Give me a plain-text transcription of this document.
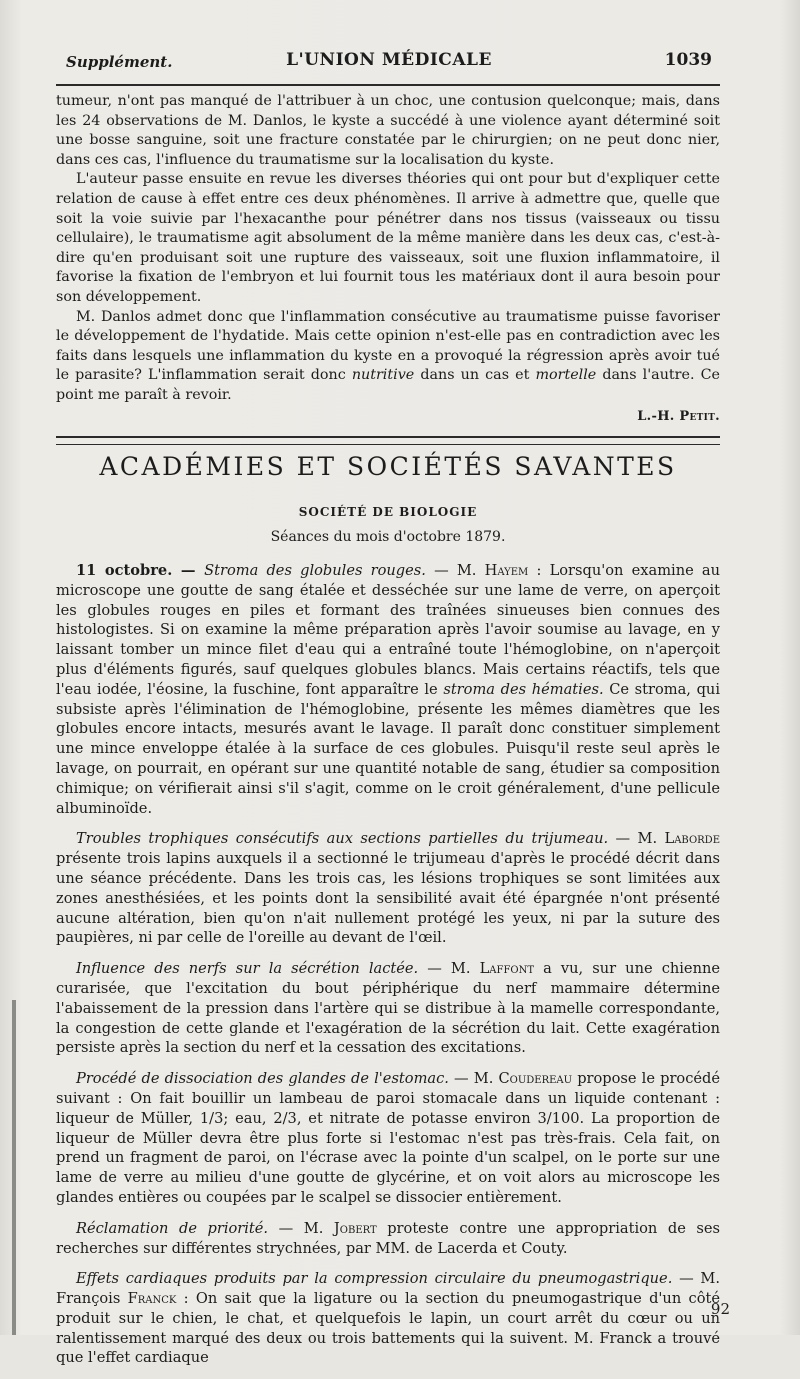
Supplément.	L'UNION MÉDICALE	1039

tumeur, n'ont pas manqué de l'attribuer à un choc, une contusion quelconque; mais, dans les 24 observations de M. Danlos, le kyste a succédé à une violence ayant déterminé soit une bosse sanguine, soit une fracture constatée par le chirurgien; on ne peut donc nier, dans ces cas, l'influence du traumatisme sur la localisation du kyste.

L'auteur passe ensuite en revue les diverses théories qui ont pour but d'expliquer cette relation de cause à effet entre ces deux phénomènes. Il arrive à admettre que, quelle que soit la voie suivie par l'hexacanthe pour pénétrer dans nos tissus (vaisseaux ou tissu cellulaire), le traumatisme agit absolument de la même manière dans les deux cas, c'est-à-dire qu'en produisant soit une rupture des vaisseaux, soit une fluxion inflammatoire, il favorise la fixation de l'embryon et lui fournit tous les matériaux dont il aura besoin pour son développement.

M. Danlos admet donc que l'inflammation consécutive au traumatisme puisse favoriser le développement de l'hydatide. Mais cette opinion n'est-elle pas en contradiction avec les faits dans lesquels une inflammation du kyste en a provoqué la régression après avoir tué le parasite? L'inflammation serait donc nutritive dans un cas et mortelle dans l'autre. Ce point me paraît à revoir.

L.-H. Petit.

ACADÉMIES ET SOCIÉTÉS SAVANTES
SOCIÉTÉ DE BIOLOGIE
Séances du mois d'octobre 1879.

11 octobre. — Stroma des globules rouges. — M. Hayem : Lorsqu'on examine au microscope une goutte de sang étalée et desséchée sur une lame de verre, on aperçoit les globules rouges en piles et formant des traînées sinueuses bien connues des histologistes. Si on examine la même préparation après l'avoir soumise au lavage, en y laissant tomber un mince filet d'eau qui a entraîné toute l'hémoglobine, on n'aperçoit plus d'éléments figurés, sauf quelques globules blancs. Mais certains réactifs, tels que l'eau iodée, l'éosine, la fuschine, font apparaître le stroma des hématies. Ce stroma, qui subsiste après l'élimination de l'hémoglobine, présente les mêmes diamètres que les globules encore intacts, mesurés avant le lavage. Il paraît donc constituer simplement une mince enveloppe étalée à la surface de ces globules. Puisqu'il reste seul après le lavage, on pourrait, en opérant sur une quantité notable de sang, étudier sa composition chimique; on vérifierait ainsi s'il s'agit, comme on le croit généralement, d'une pellicule albuminoïde.

Troubles trophiques consécutifs aux sections partielles du trijumeau. — M. Laborde présente trois lapins auxquels il a sectionné le trijumeau d'après le procédé décrit dans une séance précédente. Dans les trois cas, les lésions trophiques se sont limitées aux zones anesthésiées, et les points dont la sensibilité avait été épargnée n'ont présenté aucune altération, bien qu'on n'ait nullement protégé les yeux, ni par la suture des paupières, ni par celle de l'oreille au devant de l'œil.

Influence des nerfs sur la sécrétion lactée. — M. Laffont a vu, sur une chienne curarisée, que l'excitation du bout périphérique du nerf mammaire détermine l'abaissement de la pression dans l'artère qui se distribue à la mamelle correspondante, la congestion de cette glande et l'exagération de la sécrétion du lait. Cette exagération persiste après la section du nerf et la cessation des excitations.

Procédé de dissociation des glandes de l'estomac. — M. Coudereau propose le procédé suivant : On fait bouillir un lambeau de paroi stomacale dans un liquide contenant : liqueur de Müller, 1/3; eau, 2/3, et nitrate de potasse environ 3/100. La proportion de liqueur de Müller devra être plus forte si l'estomac n'est pas très-frais. Cela fait, on prend un fragment de paroi, on l'écrase avec la pointe d'un scalpel, on le porte sur une lame de verre au milieu d'une goutte de glycérine, et on voit alors au microscope les glandes entières ou coupées par le scalpel se dissocier entièrement.

Réclamation de priorité. — M. Jobert proteste contre une appropriation de ses recherches sur différentes strychnées, par MM. de Lacerda et Couty.

Effets cardiaques produits par la compression circulaire du pneumogastrique. — M. François Franck : On sait que la ligature ou la section du pneumogastrique d'un côté produit sur le chien, le chat, et quelquefois le lapin, un court arrêt du cœur ou un ralentissement marqué des deux ou trois battements qui la suivent. M. Franck a trouvé que l'effet cardiaque

92
